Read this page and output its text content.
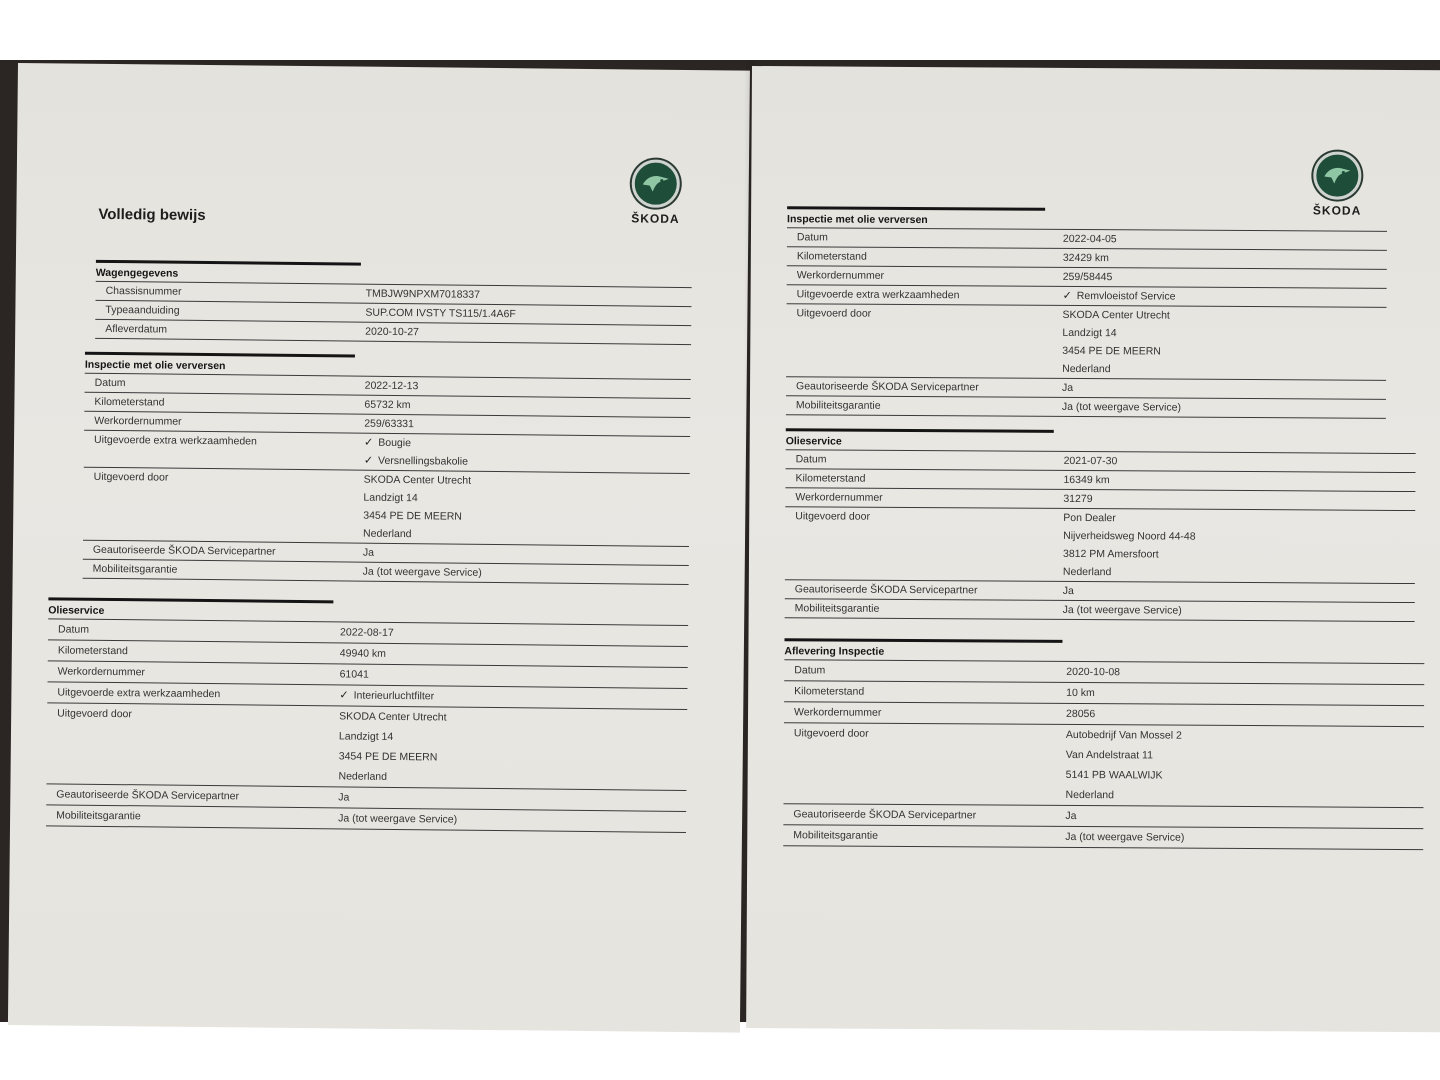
ŠKODA
Volledig bewijs
Wagengegevens
Chassisnummer	TMBJW9NPXM7018337
Typeaanduiding	SUP.COM IVSTY TS115/1.4A6F
Afleverdatum	2020-10-27
Inspectie met olie verversen
Datum	2022-12-13
Kilometerstand	65732 km
Werkordernummer	259/63331
Uitgevoerde extra werkzaamheden	✓ Bougie
✓ Versnellingsbakolie
Uitgevoerd door	SKODA Center Utrecht
Landzigt 14
3454 PE DE MEERN
Nederland
Geautoriseerde ŠKODA Servicepartner	Ja
Mobiliteitsgarantie	Ja (tot weergave Service)
Olieservice
Datum	2022-08-17
Kilometerstand	49940 km
Werkordernummer	61041
Uitgevoerde extra werkzaamheden	✓ Interieurluchtfilter
Uitgevoerd door	SKODA Center Utrecht
Landzigt 14
3454 PE DE MEERN
Nederland
Geautoriseerde ŠKODA Servicepartner	Ja
Mobiliteitsgarantie	Ja (tot weergave Service)
ŠKODA
Inspectie met olie verversen
Datum	2022-04-05
Kilometerstand	32429 km
Werkordernummer	259/58445
Uitgevoerde extra werkzaamheden	✓ Remvloeistof Service
Uitgevoerd door	SKODA Center Utrecht
Landzigt 14
3454 PE DE MEERN
Nederland
Geautoriseerde ŠKODA Servicepartner	Ja
Mobiliteitsgarantie	Ja (tot weergave Service)
Olieservice
Datum	2021-07-30
Kilometerstand	16349 km
Werkordernummer	31279
Uitgevoerd door	Pon Dealer
Nijverheidsweg Noord 44-48
3812 PM Amersfoort
Nederland
Geautoriseerde ŠKODA Servicepartner	Ja
Mobiliteitsgarantie	Ja (tot weergave Service)
Aflevering Inspectie
Datum	2020-10-08
Kilometerstand	10 km
Werkordernummer	28056
Uitgevoerd door	Autobedrijf Van Mossel 2
Van Andelstraat 11
5141 PB WAALWIJK
Nederland
Geautoriseerde ŠKODA Servicepartner	Ja
Mobiliteitsgarantie	Ja (tot weergave Service)
